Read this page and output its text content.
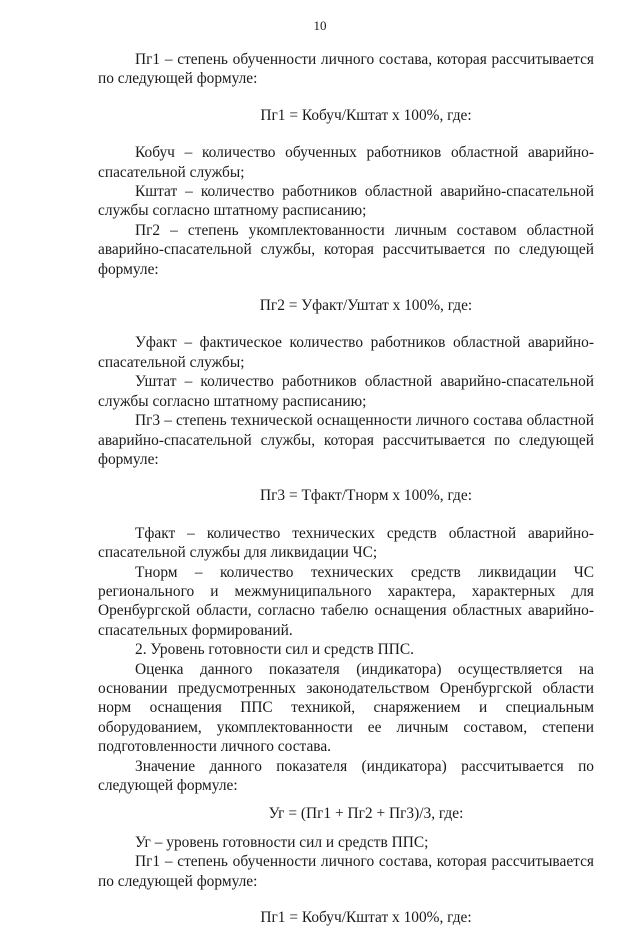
10

Пг1 – степень обученности личного состава, которая рассчитывается по следующей формуле:

Пг1 = Кобуч/Кштат х 100%, где:

Кобуч – количество обученных работников областной аварийно-спасательной службы;

Кштат – количество работников областной аварийно-спасательной службы согласно штатному расписанию;

Пг2 – степень укомплектованности личным составом областной аварийно-спасательной службы, которая рассчитывается по следующей формуле:

Пг2 = Уфакт/Уштат х 100%, где:

Уфакт – фактическое количество работников областной аварийно-спасательной службы;

Уштат – количество работников областной аварийно-спасательной службы согласно штатному расписанию;

Пг3 – степень технической оснащенности личного состава областной аварийно-спасательной службы, которая рассчитывается по следующей формуле:

Пг3 = Тфакт/Тнорм х 100%, где:

Тфакт – количество технических средств областной аварийно-спасательной службы для ликвидации ЧС;

Тнорм – количество технических средств ликвидации ЧС регионального и межмуниципального характера, характерных для Оренбургской области, согласно табелю оснащения областных аварийно-спасательных формирований.

2. Уровень готовности сил и средств ППС.

Оценка данного показателя (индикатора) осуществляется на основании предусмотренных законодательством Оренбургской области норм оснащения ППС техникой, снаряжением и специальным оборудованием, укомплектованности ее личным составом, степени подготовленности личного состава.

Значение данного показателя (индикатора) рассчитывается по следующей формуле:

Уг = (Пг1 + Пг2 + Пг3)/3, где:

Уг – уровень готовности сил и средств ППС;

Пг1 – степень обученности личного состава, которая рассчитывается по следующей формуле:

Пг1 = Кобуч/Кштат х 100%, где:
